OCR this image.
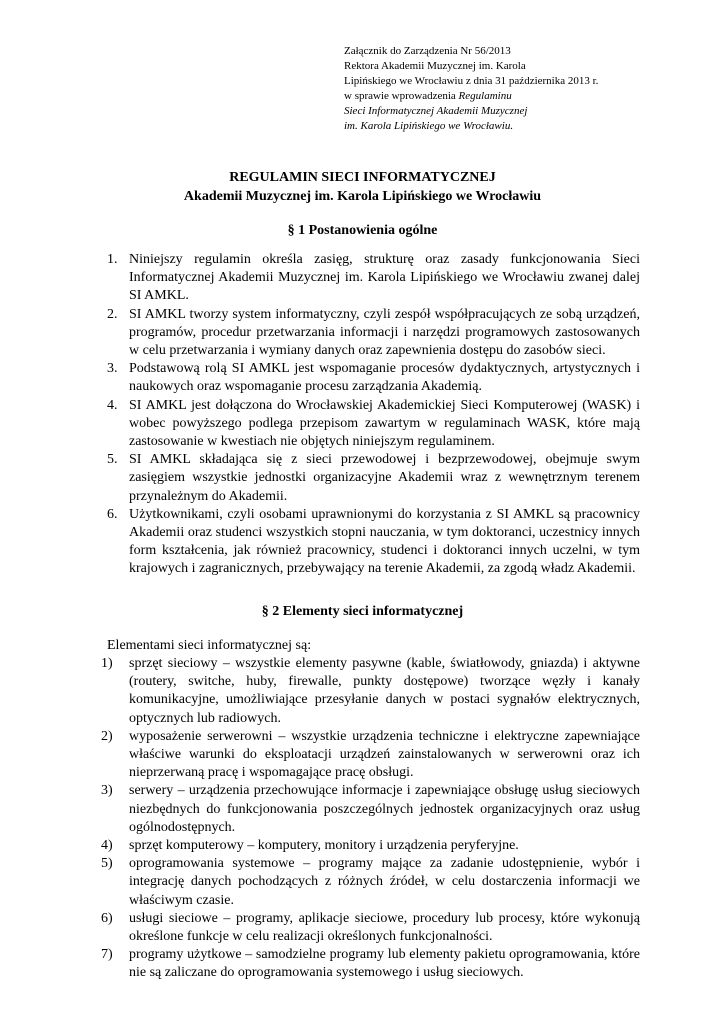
Załącznik do Zarządzenia Nr 56/2013
Rektora Akademii Muzycznej im. Karola
Lipińskiego we Wrocławiu z dnia 31 października 2013 r.
w sprawie wprowadzenia Regulaminu
Sieci Informatycznej Akademii Muzycznej
im. Karola Lipińskiego we Wrocławiu.
REGULAMIN SIECI INFORMATYCZNEJ
Akademii Muzycznej im. Karola Lipińskiego we Wrocławiu
§ 1 Postanowienia ogólne
1. Niniejszy regulamin określa zasięg, strukturę oraz zasady funkcjonowania Sieci Informatycznej Akademii Muzycznej im. Karola Lipińskiego we Wrocławiu zwanej dalej SI AMKL.
2. SI AMKL tworzy system informatyczny, czyli zespół współpracujących ze sobą urządzeń, programów, procedur przetwarzania informacji i narzędzi programowych zastosowanych w celu przetwarzania i wymiany danych oraz zapewnienia dostępu do zasobów sieci.
3. Podstawową rolą SI AMKL jest wspomaganie procesów dydaktycznych, artystycznych i naukowych oraz wspomaganie procesu zarządzania Akademią.
4. SI AMKL jest dołączona do Wrocławskiej Akademickiej Sieci Komputerowej (WASK) i wobec powyższego podlega przepisom zawartym w regulaminach WASK, które mają zastosowanie w kwestiach nie objętych niniejszym regulaminem.
5. SI AMKL składająca się z sieci przewodowej i bezprzewodowej, obejmuje swym zasięgiem wszystkie jednostki organizacyjne Akademii wraz z wewnętrznym terenem przynależnym do Akademii.
6. Użytkownikami, czyli osobami uprawnionymi do korzystania z SI AMKL są pracownicy Akademii oraz studenci wszystkich stopni nauczania, w tym doktoranci, uczestnicy innych form kształcenia, jak również pracownicy, studenci i doktoranci innych uczelni, w tym krajowych i zagranicznych, przebywający na terenie Akademii, za zgodą władz Akademii.
§ 2 Elementy sieci informatycznej
Elementami sieci informatycznej są:
1) sprzęt sieciowy – wszystkie elementy pasywne (kable, światłowody, gniazda) i aktywne (routery, switche, huby, firewalle, punkty dostępowe) tworzące węzły i kanały komunikacyjne, umożliwiające przesyłanie danych w postaci sygnałów elektrycznych, optycznych lub radiowych.
2) wyposażenie serwerowni – wszystkie urządzenia techniczne i elektryczne zapewniające właściwe warunki do eksploatacji urządzeń zainstalowanych w serwerowni oraz ich nieprzerwaną pracę i wspomagające pracę obsługi.
3) serwery – urządzenia przechowujące informacje i zapewniające obsługę usług sieciowych niezbędnych do funkcjonowania poszczególnych jednostek organizacyjnych oraz usług ogólnodostępnych.
4) sprzęt komputerowy – komputery, monitory i urządzenia peryferyjne.
5) oprogramowania systemowe – programy mające za zadanie udostępnienie, wybór i integrację danych pochodzących z różnych źródeł, w celu dostarczenia informacji we właściwym czasie.
6) usługi sieciowe – programy, aplikacje sieciowe, procedury lub procesy, które wykonują określone funkcje w celu realizacji określonych funkcjonalności.
7) programy użytkowe – samodzielne programy lub elementy pakietu oprogramowania, które nie są zaliczane do oprogramowania systemowego i usług sieciowych.
